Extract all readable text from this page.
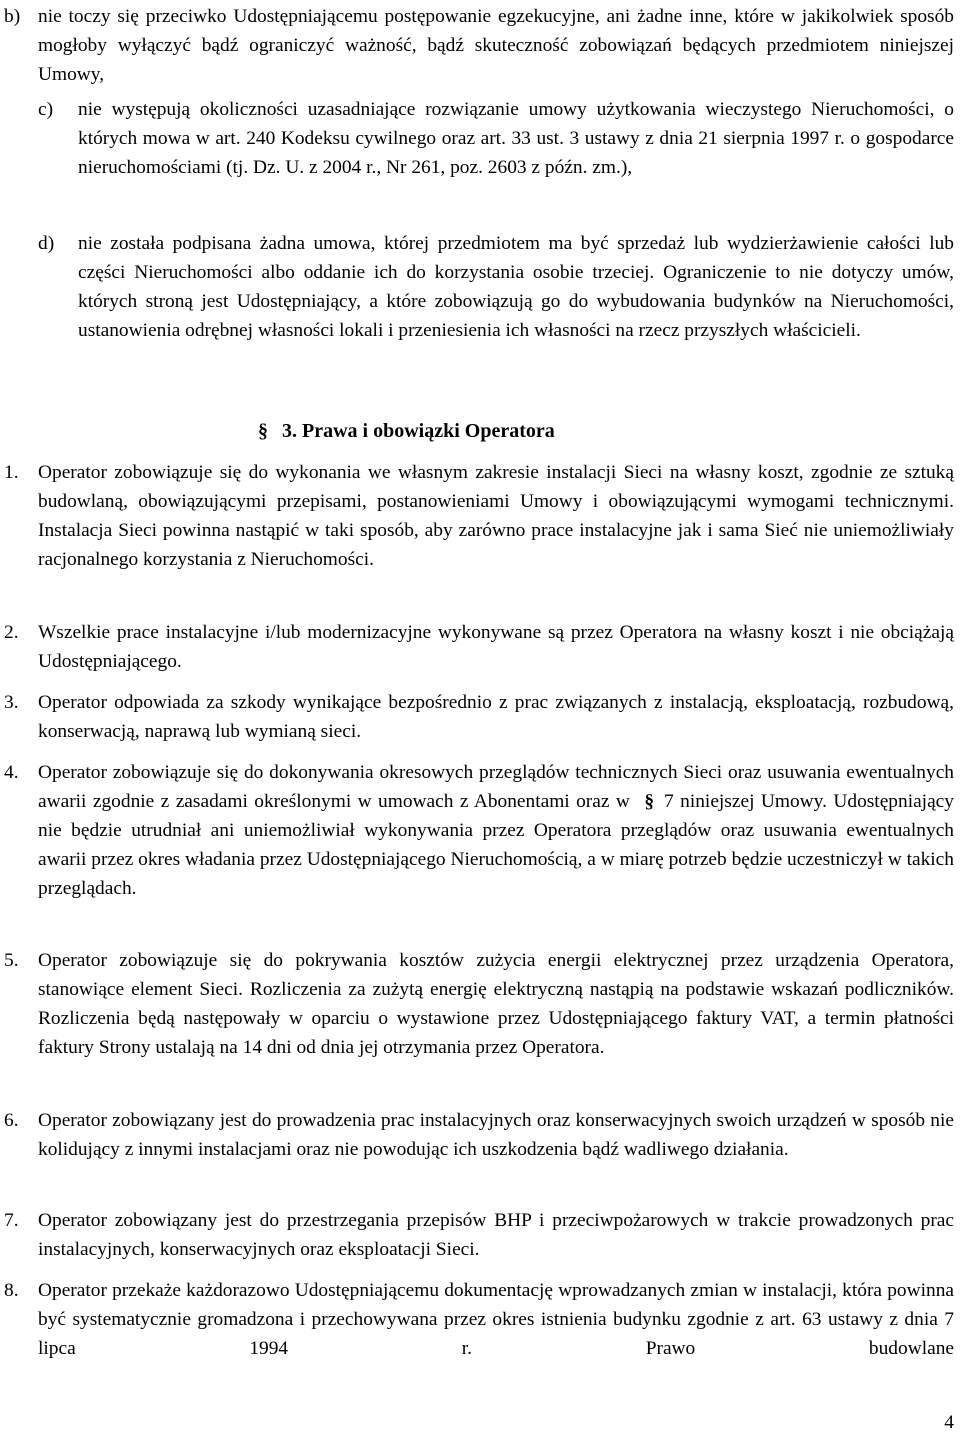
b) nie toczy się przeciwko Udostępniającemu postępowanie egzekucyjne, ani żadne inne, które w jakikolwiek sposób mogłoby wyłączyć bądź ograniczyć ważność, bądź skuteczność zobowiązań będących przedmiotem niniejszej Umowy,

c) nie występują okoliczności uzasadniające rozwiązanie umowy użytkowania wieczystego Nieruchomości, o których mowa w art. 240 Kodeksu cywilnego oraz art. 33 ust. 3 ustawy z dnia 21 sierpnia 1997 r. o gospodarce nieruchomościami (tj. Dz. U. z 2004 r., Nr 261, poz. 2603 z późn. zm.),

d) nie została podpisana żadna umowa, której przedmiotem ma być sprzedaż lub wydzierżawienie całości lub części Nieruchomości albo oddanie ich do korzystania osobie trzeciej. Ograniczenie to nie dotyczy umów, których stroną jest Udostępniający, a które zobowiązują go do wybudowania budynków na Nieruchomości, ustanowienia odrębnej własności lokali i przeniesienia ich własności na rzecz przyszłych właścicieli.

§ 3. Prawa i obowiązki Operatora
1. Operator zobowiązuje się do wykonania we własnym zakresie instalacji Sieci na własny koszt, zgodnie ze sztuką budowlaną, obowiązującymi przepisami, postanowieniami Umowy i obowiązującymi wymogami technicznymi. Instalacja Sieci powinna nastąpić w taki sposób, aby zarówno prace instalacyjne jak i sama Sieć nie uniemożliwiały racjonalnego korzystania z Nieruchomości.

2. Wszelkie prace instalacyjne i/lub modernizacyjne wykonywane są przez Operatora na własny koszt i nie obciążają Udostępniającego.

3. Operator odpowiada za szkody wynikające bezpośrednio z prac związanych z instalacją, eksploatacją, rozbudową, konserwacją, naprawą lub wymianą sieci.

4. Operator zobowiązuje się do dokonywania okresowych przeglądów technicznych Sieci oraz usuwania ewentualnych awarii zgodnie z zasadami określonymi w umowach z Abonentami oraz w § 7 niniejszej Umowy. Udostępniający nie będzie utrudniał ani uniemożliwiał wykonywania przez Operatora przeglądów oraz usuwania ewentualnych awarii przez okres władania przez Udostępniającego Nieruchomością, a w miarę potrzeb będzie uczestniczył w takich przeglądach.

5. Operator zobowiązuje się do pokrywania kosztów zużycia energii elektrycznej przez urządzenia Operatora, stanowiące element Sieci. Rozliczenia za zużytą energię elektryczną nastąpią na podstawie wskazań podliczników. Rozliczenia będą następowały w oparciu o wystawione przez Udostępniającego faktury VAT, a termin płatności faktury Strony ustalają na 14 dni od dnia jej otrzymania przez Operatora.

6. Operator zobowiązany jest do prowadzenia prac instalacyjnych oraz konserwacyjnych swoich urządzeń w sposób nie kolidujący z innymi instalacjami oraz nie powodując ich uszkodzenia bądź wadliwego działania.

7. Operator zobowiązany jest do przestrzegania przepisów BHP i przeciwpożarowych w trakcie prowadzonych prac instalacyjnych, konserwacyjnych oraz eksploatacji Sieci.

8. Operator przekaże każdorazowo Udostępniającemu dokumentację wprowadzanych zmian w instalacji, która powinna być systematycznie gromadzona i przechowywana przez okres istnienia budynku zgodnie z art. 63 ustawy z dnia 7 lipca 1994 r. Prawo budowlane

4
